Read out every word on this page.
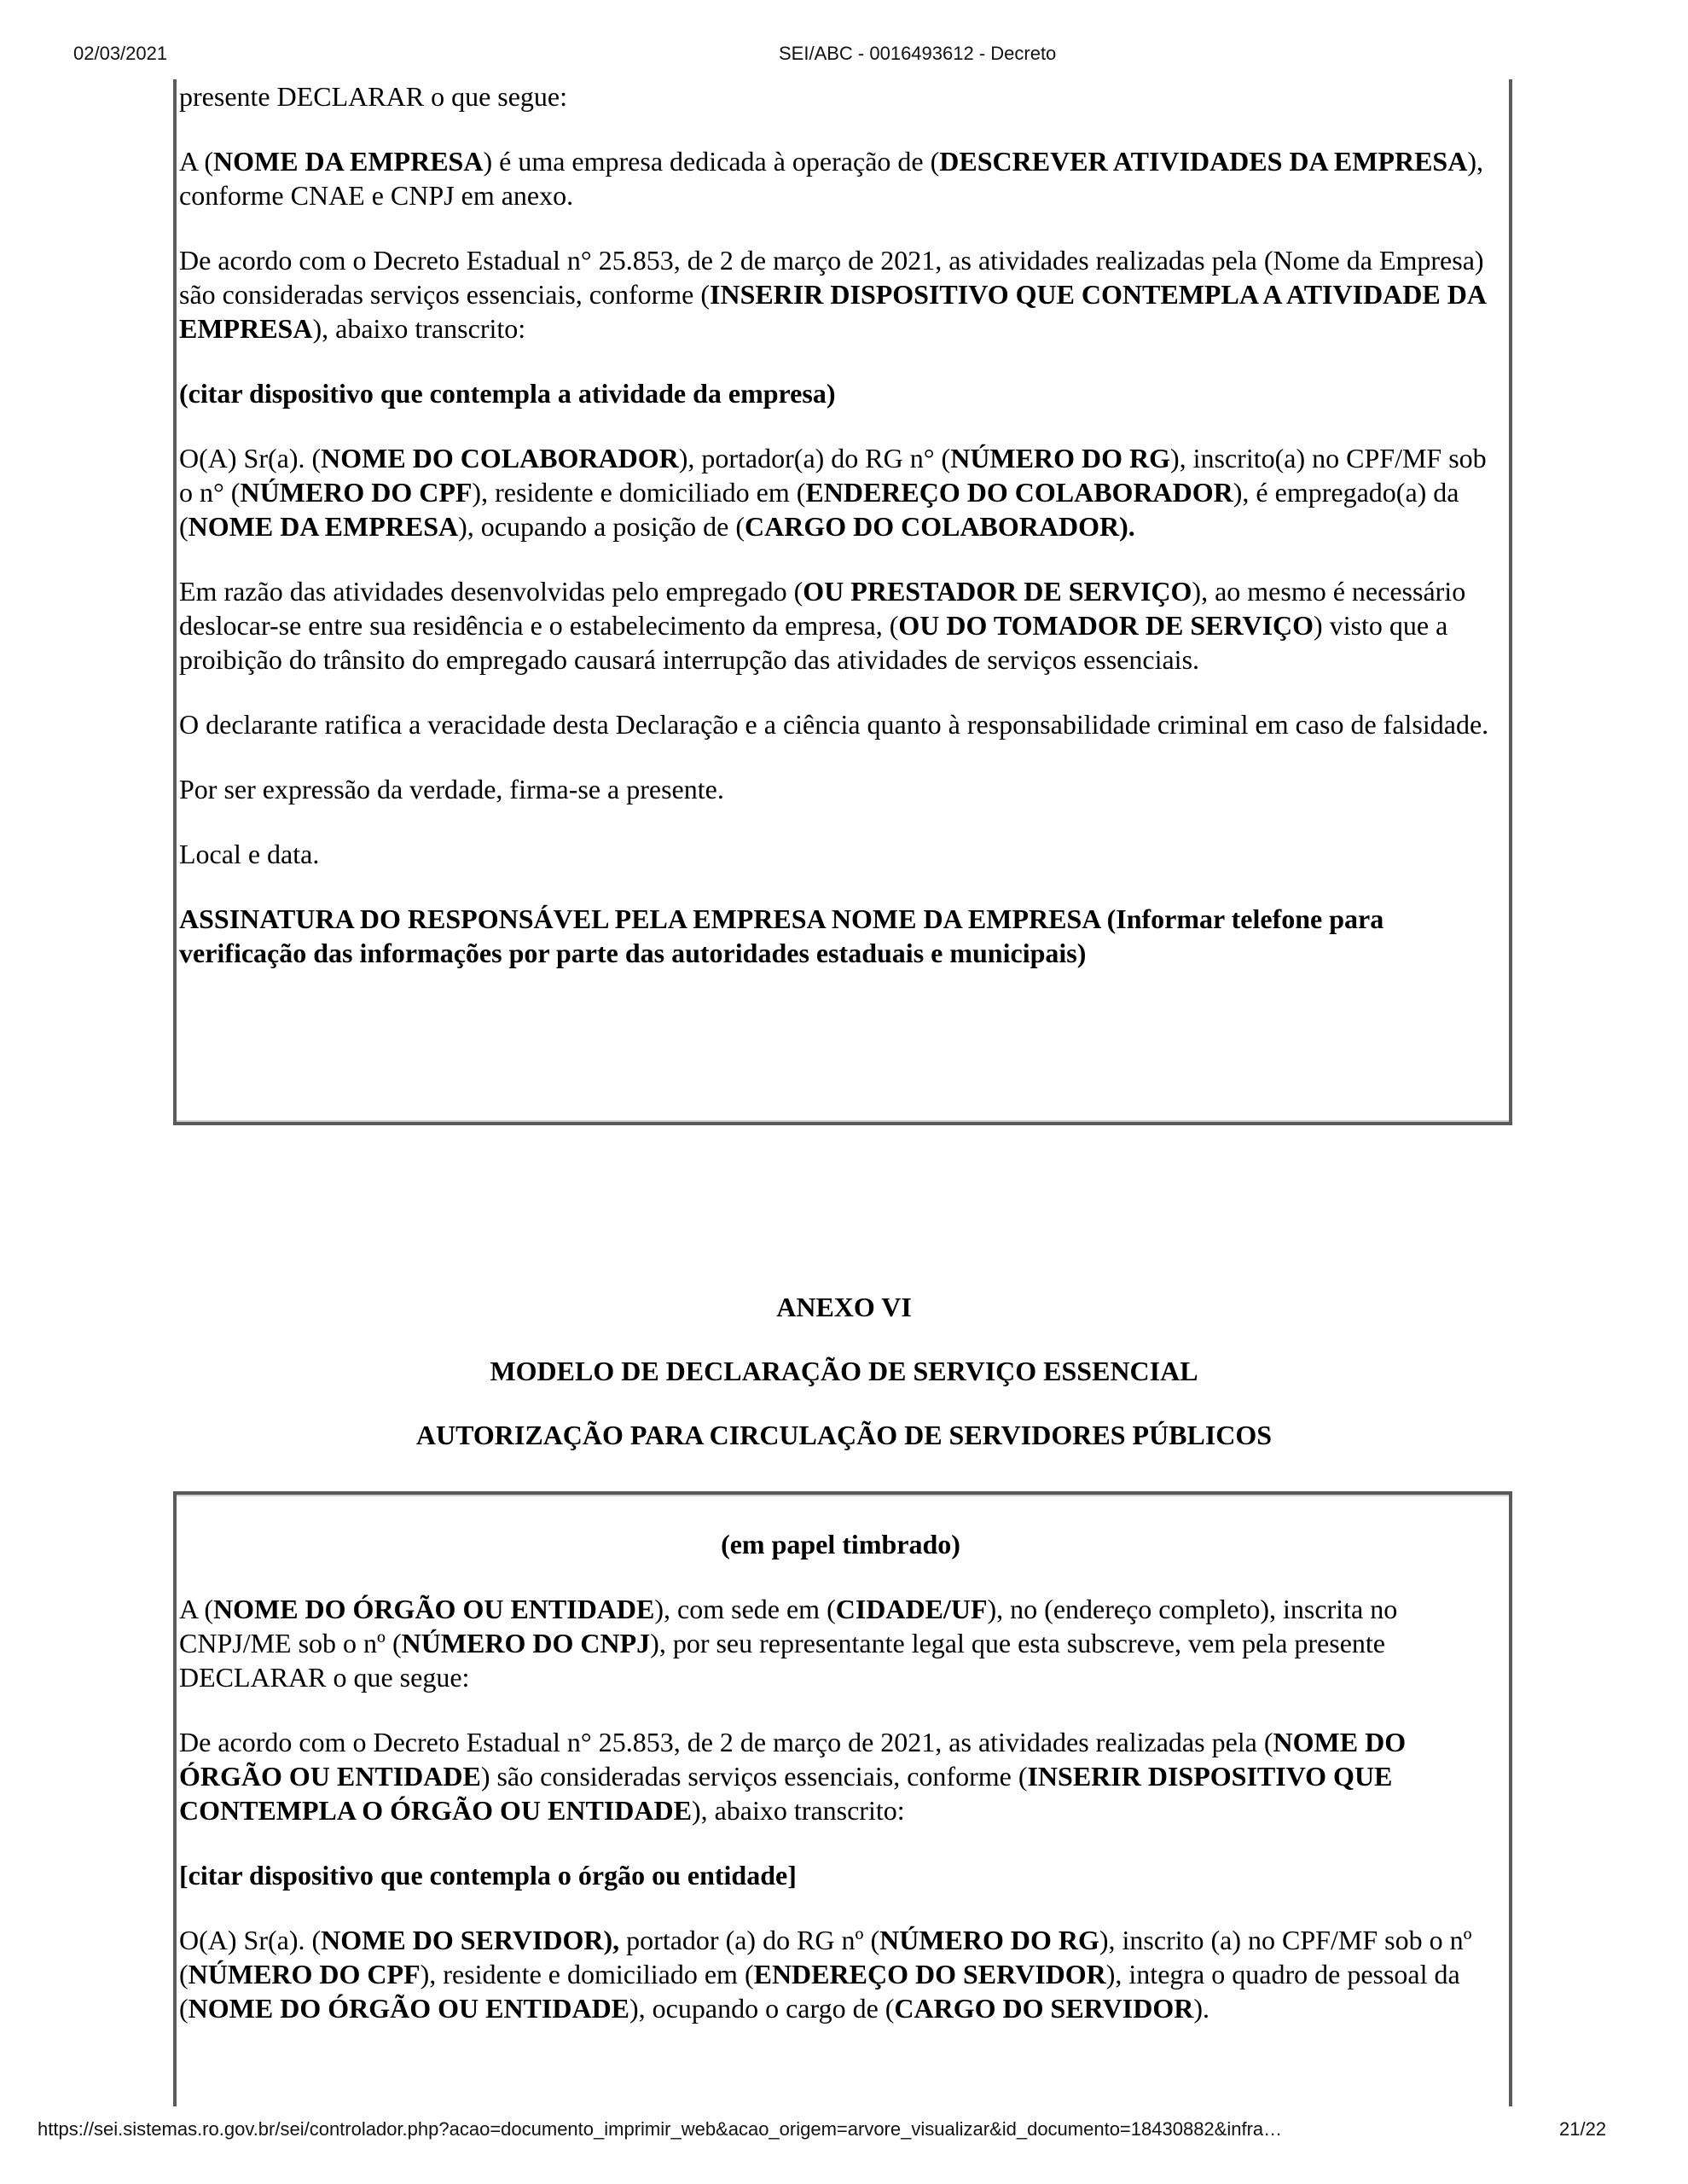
02/03/2021	SEI/ABC - 0016493612 - Decreto

presente DECLARAR o que segue:

A (NOME DA EMPRESA) é uma empresa dedicada à operação de (DESCREVER ATIVIDADES DA EMPRESA), conforme CNAE e CNPJ em anexo.

De acordo com o Decreto Estadual n° 25.853, de 2 de março de 2021, as atividades realizadas pela (Nome da Empresa) são consideradas serviços essenciais, conforme (INSERIR DISPOSITIVO QUE CONTEMPLA A ATIVIDADE DA EMPRESA), abaixo transcrito:

(citar dispositivo que contempla a atividade da empresa)

O(A) Sr(a). (NOME DO COLABORADOR), portador(a) do RG n° (NÚMERO DO RG), inscrito(a) no CPF/MF sob o n° (NÚMERO DO CPF), residente e domiciliado em (ENDEREÇO DO COLABORADOR), é empregado(a) da (NOME DA EMPRESA), ocupando a posição de (CARGO DO COLABORADOR).

Em razão das atividades desenvolvidas pelo empregado (OU PRESTADOR DE SERVIÇO), ao mesmo é necessário deslocar-se entre sua residência e o estabelecimento da empresa, (OU DO TOMADOR DE SERVIÇO) visto que a proibição do trânsito do empregado causará interrupção das atividades de serviços essenciais.

O declarante ratifica a veracidade desta Declaração e a ciência quanto à responsabilidade criminal em caso de falsidade.

Por ser expressão da verdade, firma-se a presente.

Local e data.

ASSINATURA DO RESPONSÁVEL PELA EMPRESA NOME DA EMPRESA (Informar telefone para verificação das informações por parte das autoridades estaduais e municipais)

ANEXO VI
MODELO DE DECLARAÇÃO DE SERVIÇO ESSENCIAL
AUTORIZAÇÃO PARA CIRCULAÇÃO DE SERVIDORES PÚBLICOS

(em papel timbrado)

A (NOME DO ÓRGÃO OU ENTIDADE), com sede em (CIDADE/UF), no (endereço completo), inscrita no CNPJ/ME sob o nº (NÚMERO DO CNPJ), por seu representante legal que esta subscreve, vem pela presente DECLARAR o que segue:

De acordo com o Decreto Estadual n° 25.853, de 2 de março de 2021, as atividades realizadas pela (NOME DO ÓRGÃO OU ENTIDADE) são consideradas serviços essenciais, conforme (INSERIR DISPOSITIVO QUE CONTEMPLA O ÓRGÃO OU ENTIDADE), abaixo transcrito:

[citar dispositivo que contempla o órgão ou entidade]

O(A) Sr(a). (NOME DO SERVIDOR), portador (a) do RG nº (NÚMERO DO RG), inscrito (a) no CPF/MF sob o nº (NÚMERO DO CPF), residente e domiciliado em (ENDEREÇO DO SERVIDOR), integra o quadro de pessoal da (NOME DO ÓRGÃO OU ENTIDADE), ocupando o cargo de (CARGO DO SERVIDOR).

https://sei.sistemas.ro.gov.br/sei/controlador.php?acao=documento_imprimir_web&acao_origem=arvore_visualizar&id_documento=18430882&infra…	21/22
